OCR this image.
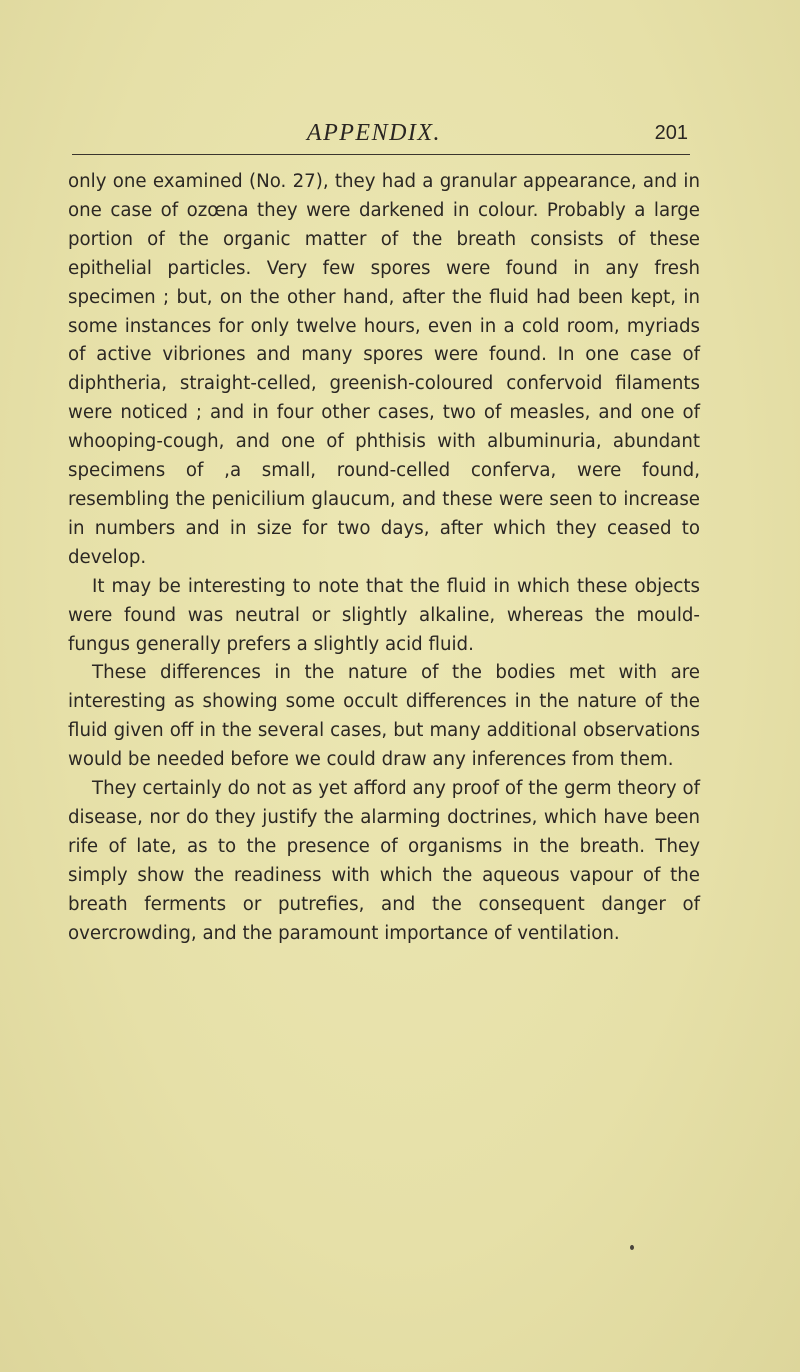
APPENDIX.	201

only one examined (No. 27), they had a granular appearance, and in one case of ozœna they were darkened in colour. Probably a large portion of the organic matter of the breath consists of these epithelial particles. Very few spores were found in any fresh specimen ; but, on the other hand, after the fluid had been kept, in some instances for only twelve hours, even in a cold room, myriads of active vibriones and many spores were found. In one case of diphtheria, straight-celled, greenish-coloured confervoid filaments were noticed ; and in four other cases, two of measles, and one of whooping-cough, and one of phthisis with albuminuria, abundant specimens of ,a small, round-celled conferva, were found, resembling the penicilium glaucum, and these were seen to increase in numbers and in size for two days, after which they ceased to develop.

It may be interesting to note that the fluid in which these objects were found was neutral or slightly alkaline, whereas the mould-fungus generally prefers a slightly acid fluid.

These differences in the nature of the bodies met with are interesting as showing some occult differences in the nature of the fluid given off in the several cases, but many additional observations would be needed before we could draw any inferences from them.

They certainly do not as yet afford any proof of the germ theory of disease, nor do they justify the alarming doctrines, which have been rife of late, as to the presence of organisms in the breath. They simply show the readiness with which the aqueous vapour of the breath ferments or putrefies, and the consequent danger of overcrowding, and the paramount importance of ventilation.
